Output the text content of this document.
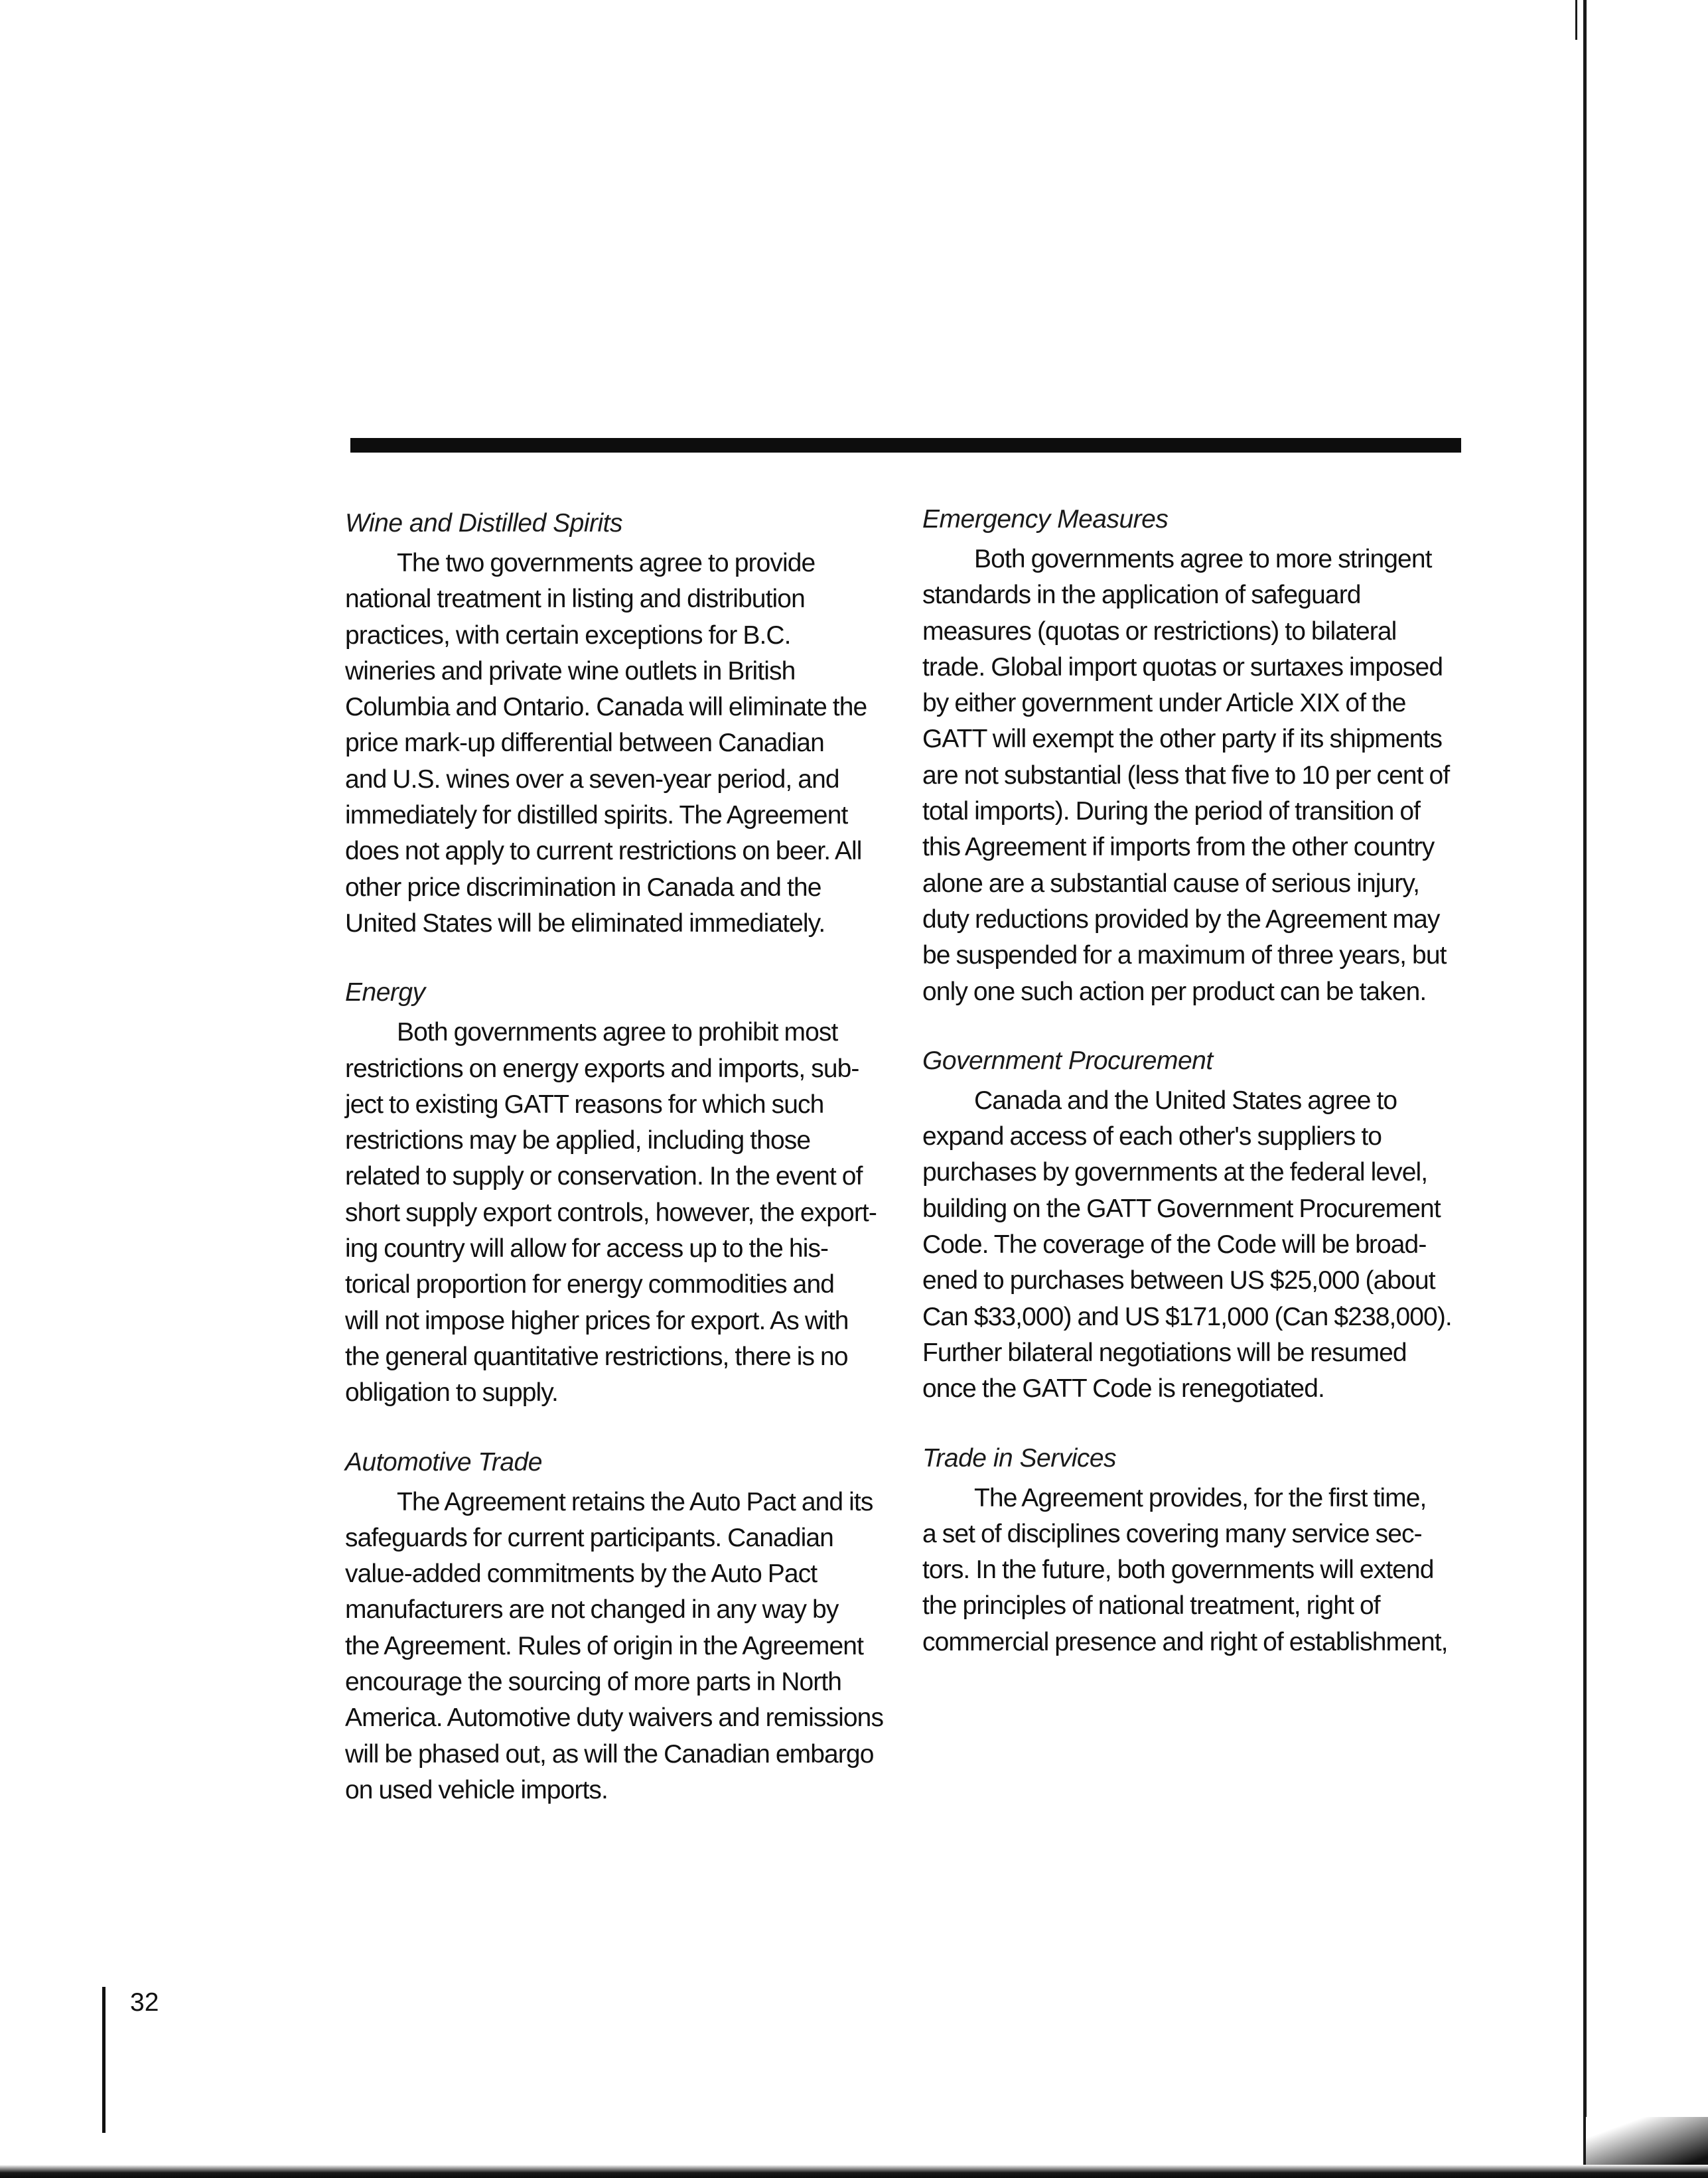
Wine and Distilled Spirits

The two governments agree to provide
national treatment in listing and distribution
practices, with certain exceptions for B.C.
wineries and private wine outlets in British
Columbia and Ontario. Canada will eliminate the
price mark-up differential between Canadian
and U.S. wines over a seven-year period, and
immediately for distilled spirits. The Agreement
does not apply to current restrictions on beer. All
other price discrimination in Canada and the
United States will be eliminated immediately.

Energy

Both governments agree to prohibit most
restrictions on energy exports and imports, sub-
ject to existing GATT reasons for which such
restrictions may be applied, including those
related to supply or conservation. In the event of
short supply export controls, however, the export-
ing country will allow for access up to the his-
torical proportion for energy commodities and
will not impose higher prices for export. As with
the general quantitative restrictions, there is no
obligation to supply.

Automotive Trade

The Agreement retains the Auto Pact and its
safeguards for current participants. Canadian
value-added commitments by the Auto Pact
manufacturers are not changed in any way by
the Agreement. Rules of origin in the Agreement
encourage the sourcing of more parts in North
America. Automotive duty waivers and remissions
will be phased out, as will the Canadian embargo
on used vehicle imports.

Emergency Measures

Both governments agree to more stringent
standards in the application of safeguard
measures (quotas or restrictions) to bilateral
trade. Global import quotas or surtaxes imposed
by either government under Article XIX of the
GATT will exempt the other party if its shipments
are not substantial (less that five to 10 per cent of
total imports). During the period of transition of
this Agreement if imports from the other country
alone are a substantial cause of serious injury,
duty reductions provided by the Agreement may
be suspended for a maximum of three years, but
only one such action per product can be taken.

Government Procurement

Canada and the United States agree to
expand access of each other's suppliers to
purchases by governments at the federal level,
building on the GATT Government Procurement
Code. The coverage of the Code will be broad-
ened to purchases between US $25,000 (about
Can $33,000) and US $171,000 (Can $238,000).
Further bilateral negotiations will be resumed
once the GATT Code is renegotiated.

Trade in Services

The Agreement provides, for the first time,
a set of disciplines covering many service sec-
tors. In the future, both governments will extend
the principles of national treatment, right of
commercial presence and right of establishment,

32
